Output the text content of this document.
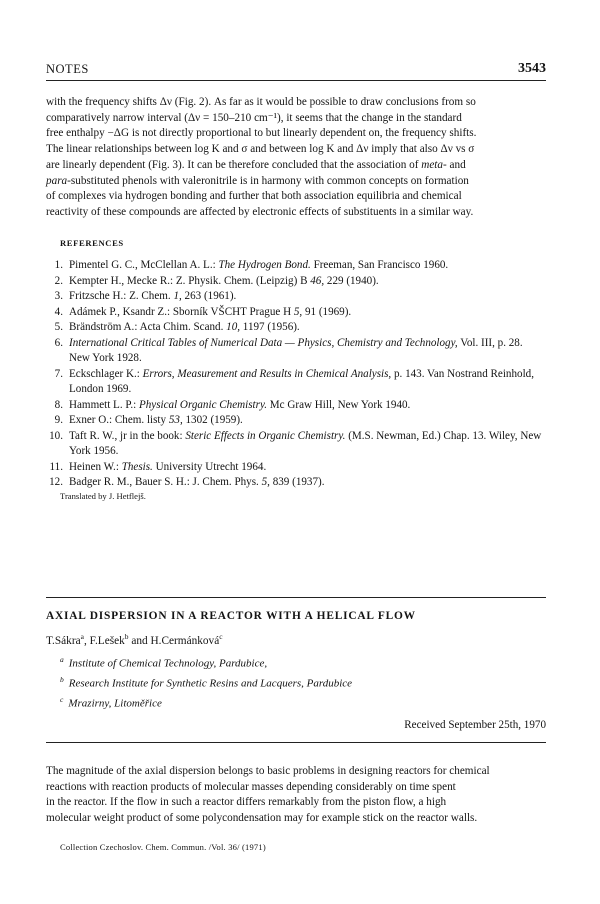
NOTES	3543

with the frequency shifts Δν (Fig. 2). As far as it would be possible to draw conclusions from so

comparatively narrow interval (Δν = 150–210 cm⁻¹), it seems that the change in the standard

free enthalpy −ΔG is not directly proportional to but linearly dependent on, the frequency shifts.

The linear relationships between log K and σ and between log K and Δν imply that also Δν vs σ

are linearly dependent (Fig. 3). It can be therefore concluded that the association of meta- and

para-substituted phenols with valeronitrile is in harmony with common concepts on formation

of complexes via hydrogen bonding and further that both association equilibria and chemical

reactivity of these compounds are affected by electronic effects of substituents in a similar way.

REFERENCES
1. Pimentel G. C., McClellan A. L.: The Hydrogen Bond. Freeman, San Francisco 1960.
2. Kempter H., Mecke R.: Z. Physik. Chem. (Leipzig) B 46, 229 (1940).
3. Fritzsche H.: Z. Chem. 1, 263 (1961).
4. Adámek P., Ksandr Z.: Sborník VŠCHT Prague H 5, 91 (1969).
5. Brändström A.: Acta Chim. Scand. 10, 1197 (1956).
6. International Critical Tables of Numerical Data — Physics, Chemistry and Technology, Vol. III, p. 28. New York 1928.
7. Eckschlager K.: Errors, Measurement and Results in Chemical Analysis, p. 143. Van Nostrand Reinhold, London 1969.
8. Hammett L. P.: Physical Organic Chemistry. Mc Graw Hill, New York 1940.
9. Exner O.: Chem. listy 53, 1302 (1959).
10. Taft R. W., jr in the book: Steric Effects in Organic Chemistry. (M.S. Newman, Ed.) Chap. 13. Wiley, New York 1956.
11. Heinen W.: Thesis. University Utrecht 1964.
12. Badger R. M., Bauer S. H.: J. Chem. Phys. 5, 839 (1937).
Translated by J. Hetflejš.
AXIAL DISPERSION IN A REACTOR WITH A HELICAL FLOW
T.Sákra$^a$, F.Lešek$^b$ and H.Cermánková$^c$
$^a$ Institute of Chemical Technology, Pardubice,
$^b$ Research Institute for Synthetic Resins and Lacquers, Pardubice
$^c$ Mrazirny, Litoměřice
Received September 25th, 1970

The magnitude of the axial dispersion belongs to basic problems in designing reactors for chemical

reactions with reaction products of molecular masses depending considerably on time spent

in the reactor. If the flow in such a reactor differs remarkably from the piston flow, a high

molecular weight product of some polycondensation may for example stick on the reactor walls.

Collection Czechoslov. Chem. Commun. /Vol. 36/ (1971)
